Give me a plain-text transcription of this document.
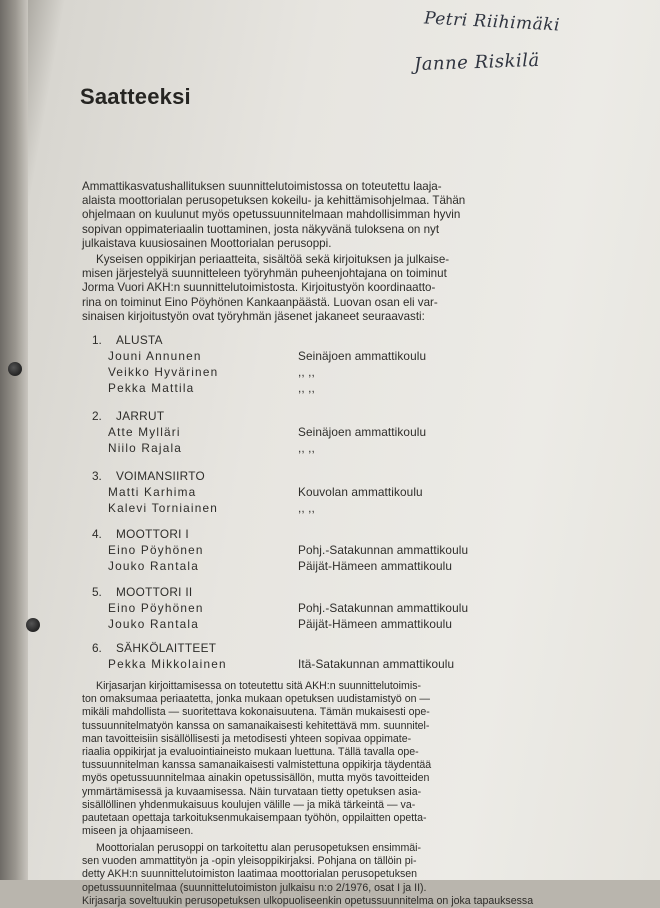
Petri Riihimäki
Janne Riskilä
Saatteeksi
Ammattikasvatushallituksen suunnittelutoimistossa on toteutettu laaja-
alaista moottorialan perusopetuksen kokeilu- ja kehittämisohjelmaa. Tähän
ohjelmaan on kuulunut myös opetussuunnitelmaan mahdollisimman hyvin
sopivan oppimateriaalin tuottaminen, josta näkyvänä tuloksena on nyt
julkaistava kuusiosainen Moottorialan perusoppi.
Kyseisen oppikirjan periaatteita, sisältöä sekä kirjoituksen ja julkaise-
misen järjestelyä suunnitteleen työryhmän puheenjohtajana on toiminut
Jorma Vuori AKH:n suunnittelutoimistosta. Kirjoitustyön koordinaatto-
rina on toiminut Eino Pöyhönen Kankaanpäästä. Luovan osan eli var-
sinaisen kirjoitustyön ovat työryhmän jäsenet jakaneet seuraavasti:
1.	ALUSTA
Jouni Annunen	Seinäjoen ammattikoulu
Veikko Hyvärinen	,, ,,
Pekka Mattila	,, ,,
2.	JARRUT
Atte Mylläri	Seinäjoen ammattikoulu
Niilo Rajala	,, ,,
3.	VOIMANSIIRTO
Matti Karhima	Kouvolan ammattikoulu
Kalevi Torniainen	,, ,,
4.	MOOTTORI I
Eino Pöyhönen	Pohj.-Satakunnan ammattikoulu
Jouko Rantala	Päijät-Hämeen ammattikoulu
5.	MOOTTORI II
Eino Pöyhönen	Pohj.-Satakunnan ammattikoulu
Jouko Rantala	Päijät-Hämeen ammattikoulu
6.	SÄHKÖLAITTEET
Pekka Mikkolainen	Itä-Satakunnan ammattikoulu
Kirjasarjan kirjoittamisessa on toteutettu sitä AKH:n suunnittelutoimis-
ton omaksumaa periaatetta, jonka mukaan opetuksen uudistamistyö on —
mikäli mahdollista — suoritettava kokonaisuutena. Tämän mukaisesti ope-
tussuunnitelmatyön kanssa on samanaikaisesti kehitettävä mm. suunnitel-
man tavoitteisiin sisällöllisesti ja metodisesti yhteen sopivaa oppimate-
riaalia oppikirjat ja evaluointiaineisto mukaan luettuna. Tällä tavalla ope-
tussuunnitelman kanssa samanaikaisesti valmistettuna oppikirja täydentää
myös opetussuunnitelmaa ainakin opetussisällön, mutta myös tavoitteiden
ymmärtämisessä ja kuvaamisessa. Näin turvataan tietty opetuksen asia-
sisällöllinen yhdenmukaisuus koulujen välille — ja mikä tärkeintä — va-
pautetaan opettaja tarkoituksenmukaisempaan työhön, oppilaitten opetta-
miseen ja ohjaamiseen.
Moottorialan perusoppi on tarkoitettu alan perusopetuksen ensimmäi-
sen vuoden ammattityön ja -opin yleisoppikirjaksi. Pohjana on tällöin pi-
detty AKH:n suunnittelutoimiston laatimaa moottorialan perusopetuksen
opetussuunnitelmaa (suunnittelutoimiston julkaisu n:o 2/1976, osat I ja II).
Kirjasarja soveltuukin perusopetuksen ulkopuoliseenkin opetussuunnitelma on joka tapauksessa
